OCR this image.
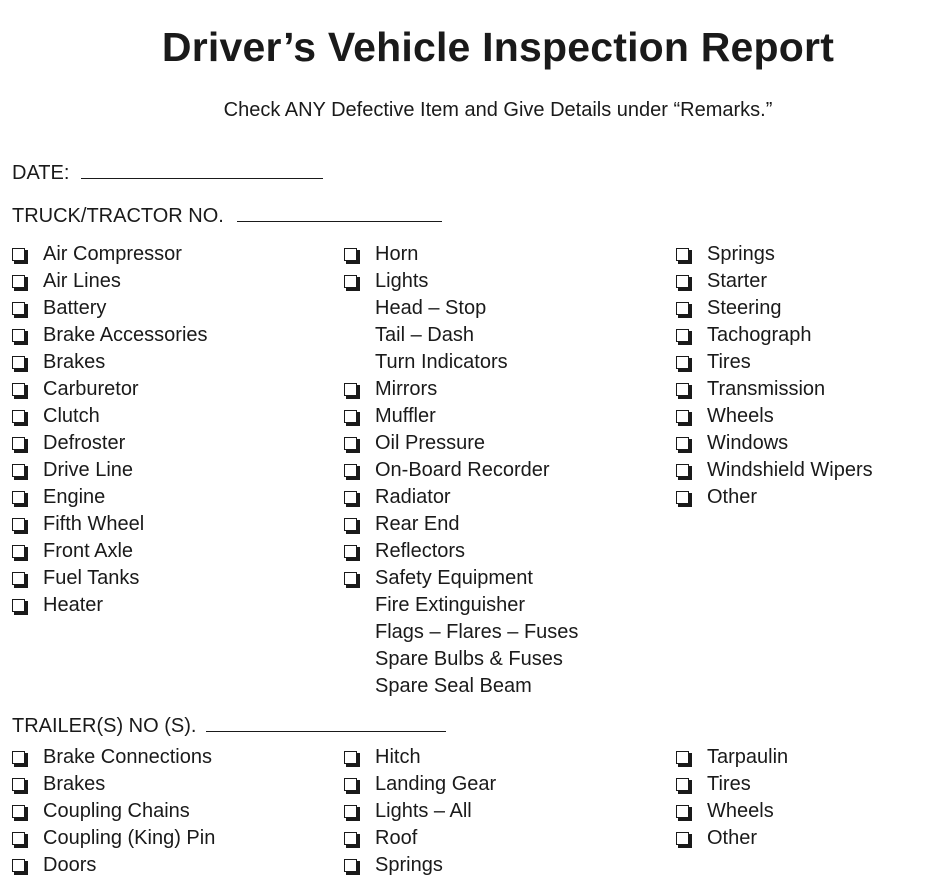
Driver’s Vehicle Inspection Report
Check ANY Defective Item and Give Details under “Remarks.”
DATE:
TRUCK/TRACTOR NO.
Air Compressor
Air Lines
Battery
Brake Accessories
Brakes
Carburetor
Clutch
Defroster
Drive Line
Engine
Fifth Wheel
Front Axle
Fuel Tanks
Heater
Horn
Lights
Head – Stop
Tail – Dash
Turn Indicators
Mirrors
Muffler
Oil Pressure
On-Board Recorder
Radiator
Rear End
Reflectors
Safety Equipment
Fire Extinguisher
Flags – Flares – Fuses
Spare Bulbs & Fuses
Spare Seal Beam
Springs
Starter
Steering
Tachograph
Tires
Transmission
Wheels
Windows
Windshield Wipers
Other
TRAILER(S) NO (S).
Brake Connections
Brakes
Coupling Chains
Coupling (King) Pin
Doors
Hitch
Landing Gear
Lights – All
Roof
Springs
Tarpaulin
Tires
Wheels
Other
